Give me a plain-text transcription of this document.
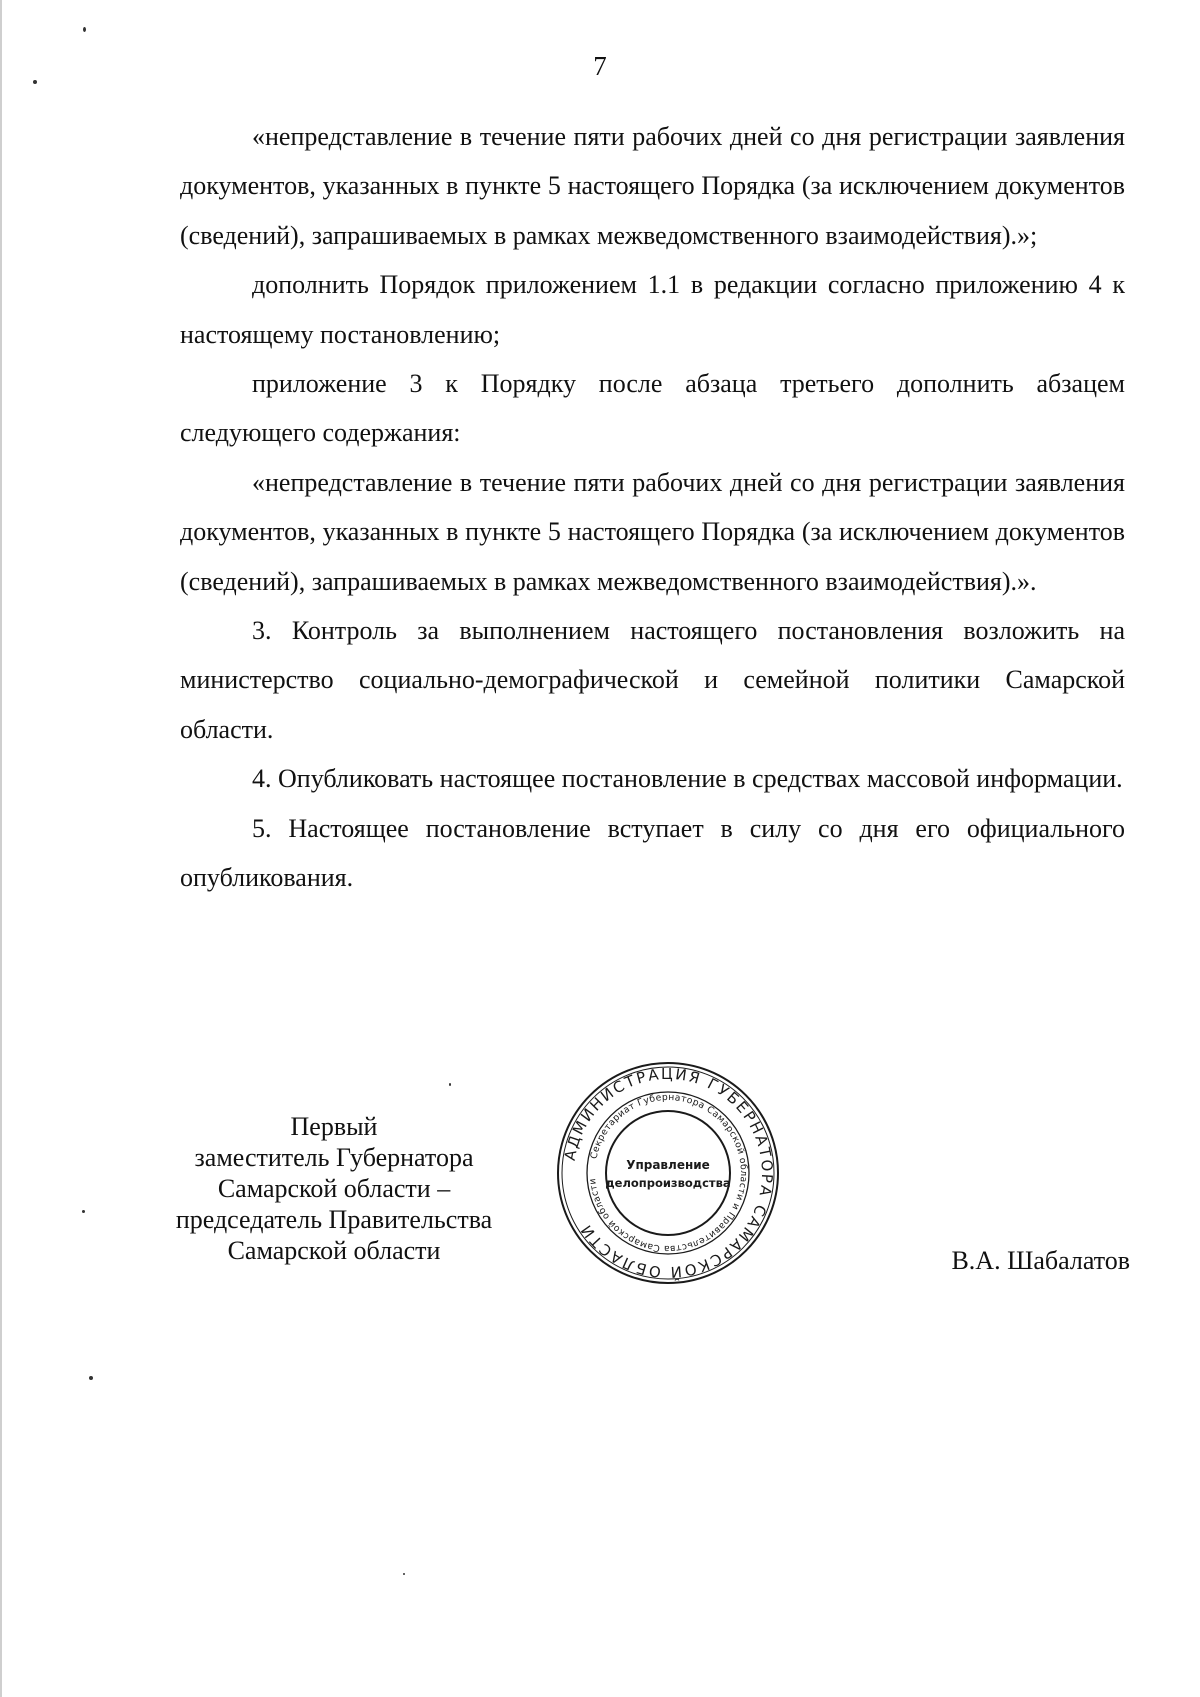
7

«непредставление в течение пяти рабочих дней со дня регистрации заявления документов, указанных в пункте 5 настоящего Порядка (за исключением документов (сведений), запрашиваемых в рамках межведомственного взаимодействия).»;

дополнить Порядок приложением 1.1 в редакции согласно приложению 4 к настоящему постановлению;

приложение 3 к Порядку после абзаца третьего дополнить абзацем следующего содержания:

«непредставление в течение пяти рабочих дней со дня регистрации заявления документов, указанных в пункте 5 настоящего Порядка (за исключением документов (сведений), запрашиваемых в рамках межведомственного взаимодействия).».

3. Контроль за выполнением настоящего постановления возложить на министерство социально-демографической и семейной политики Самарской области.

4. Опубликовать настоящее постановление в средствах массовой информации.

5. Настоящее постановление вступает в силу со дня его официального опубликования.

Первый
заместитель Губернатора
Самарской области –
председатель Правительства
Самарской области	В.А. Шабалатов
АДМИНИСТРАЦИЯ ГУБЕРНАТОРА САМАРСКОЙ ОБЛАСТИ
Секретариат Губернатора Самарской области и Правительства Самарской области
Управление
делопроизводства
